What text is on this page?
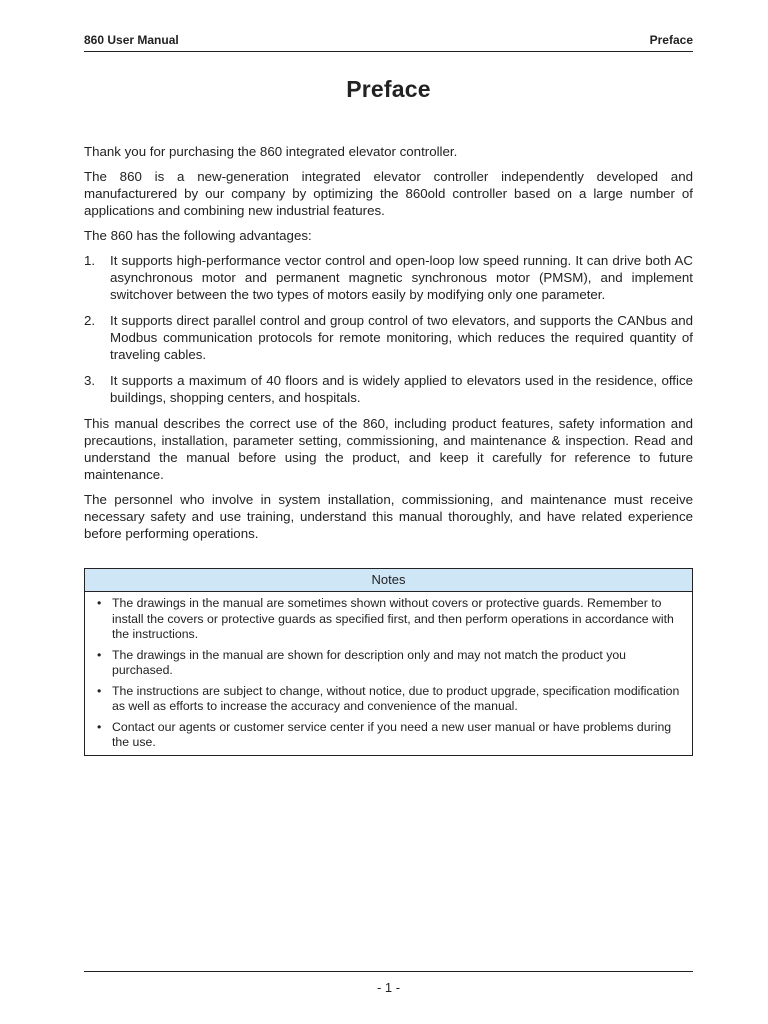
860 User Manual	Preface
Preface

Thank you for purchasing the 860 integrated elevator controller.

The 860 is a new-generation integrated elevator controller independently developed and manufacturered by our company by optimizing the 860old controller based on a large number of applications and combining new industrial features.

The 860 has the following advantages:

1. It supports high-performance vector control and open-loop low speed running. It can drive both AC asynchronous motor and permanent magnetic synchronous motor (PMSM), and implement switchover between the two types of motors easily by modifying only one parameter.
2. It supports direct parallel control and group control of two elevators, and supports the CANbus and Modbus communication protocols for remote monitoring, which reduces the required quantity of traveling cables.
3. It supports a maximum of 40 floors and is widely applied to elevators used in the residence, office buildings, shopping centers, and hospitals.

This manual describes the correct use of the 860, including product features, safety information and precautions, installation, parameter setting, commissioning, and maintenance & inspection. Read and understand the manual before using the product, and keep it carefully for reference to future maintenance.

The personnel who involve in system installation, commissioning, and maintenance must receive necessary safety and use training, understand this manual thoroughly, and have related experience before performing operations.

Notes
• The drawings in the manual are sometimes shown without covers or protective guards. Remember to install the covers or protective guards as specified first, and then perform operations in accordance with the instructions.
• The drawings in the manual are shown for description only and may not match the product you purchased.
• The instructions are subject to change, without notice, due to product upgrade, specification modification as well as efforts to increase the accuracy and convenience of the manual.
• Contact our agents or customer service center if you need a new user manual or have problems during the use.
- 1 -
